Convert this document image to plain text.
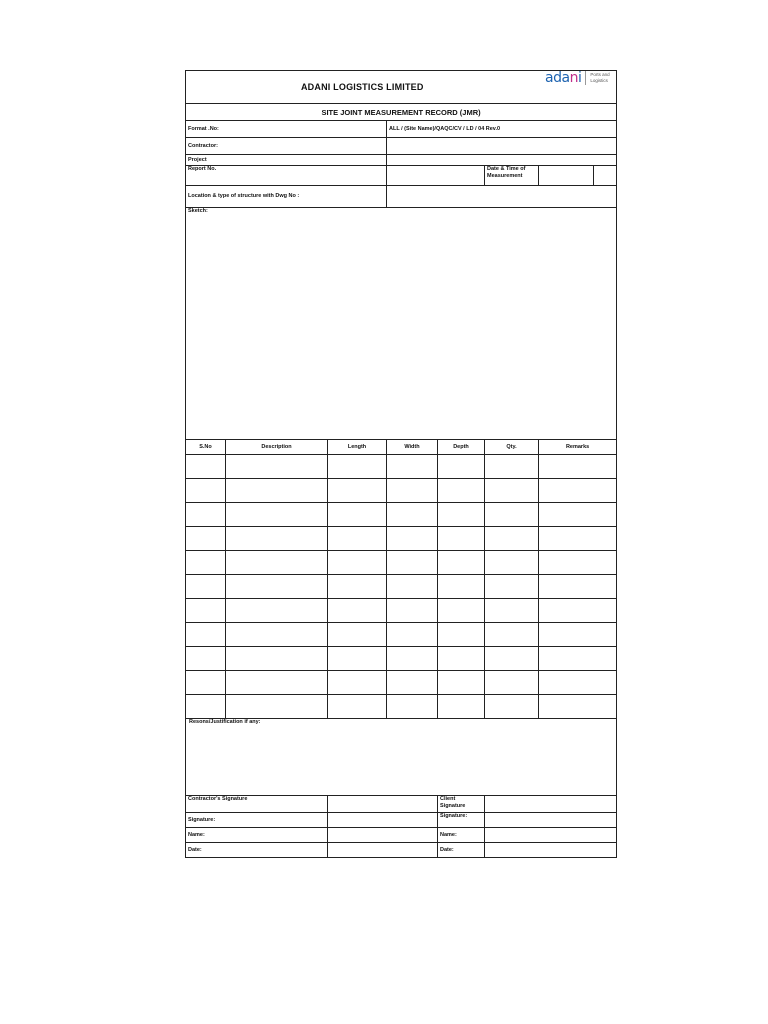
ADANI LOGISTICS LIMITED						adani Ports and
Logistics

SITE JOINT MEASUREMENT RECORD (JMR)						
Format .No:			ALL / (Site Name)/QAQC/CV / LD / 04 Rev.0			
Contractor:						
Project						
Report No.					Date & Time of
Measurement	

Location & type of structure with Dwg No :						
Sketch:						
S.No	Description	Length	Width	Depth	Qty.	Remarks

Resons/Justification if any:			
Contractor's Signature		Client Signature	
Signature:		Signature:	
Name:		Name:	
Date:		Date:	
